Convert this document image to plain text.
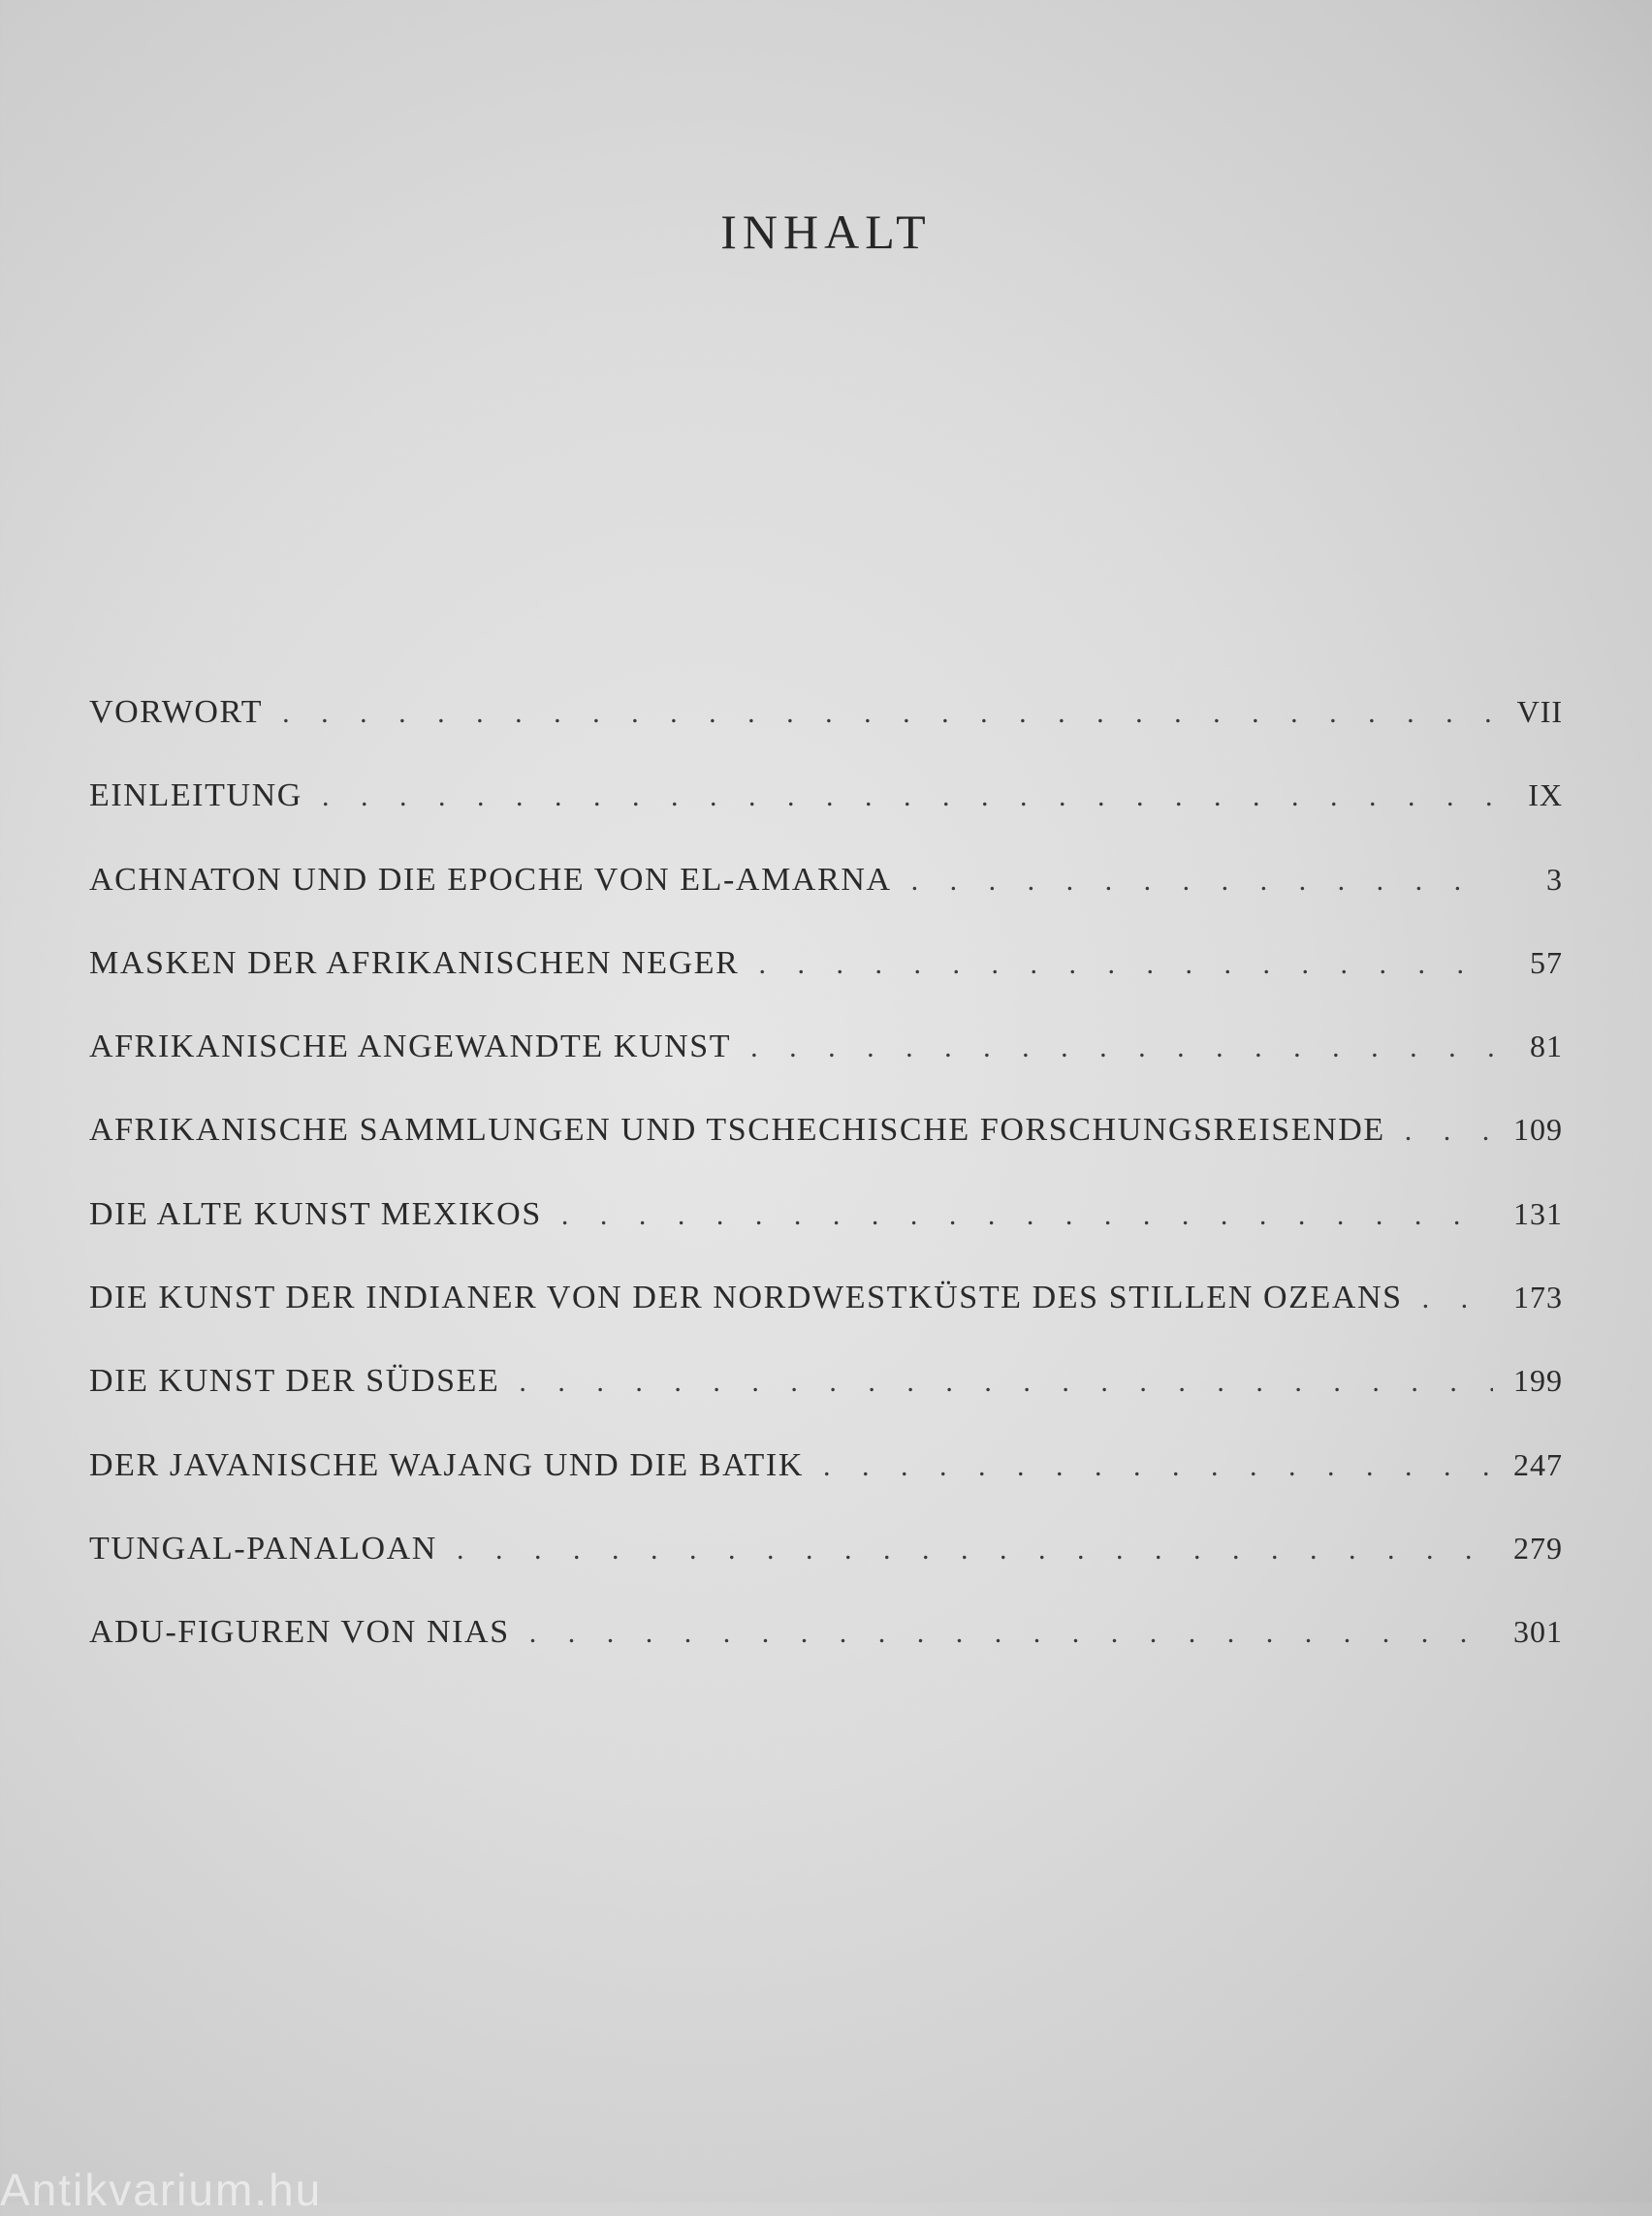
INHALT
VORWORT . . .	VII
EINLEITUNG . . .	IX
ACHNATON UND DIE EPOCHE VON EL-AMARNA . . .	3
MASKEN DER AFRIKANISCHEN NEGER . . .	57
AFRIKANISCHE ANGEWANDTE KUNST . . .	81
AFRIKANISCHE SAMMLUNGEN UND TSCHECHISCHE FORSCHUNGSREISENDE . . .	109
DIE ALTE KUNST MEXIKOS . . .	131
DIE KUNST DER INDIANER VON DER NORDWESTKÜSTE DES STILLEN OZEANS . . .	173
DIE KUNST DER SÜDSEE . . .	199
DER JAVANISCHE WAJANG UND DIE BATIK . . .	247
TUNGAL-PANALOAN . . .	279
ADU-FIGUREN VON NIAS . . .	301
Antikvarium.hu
